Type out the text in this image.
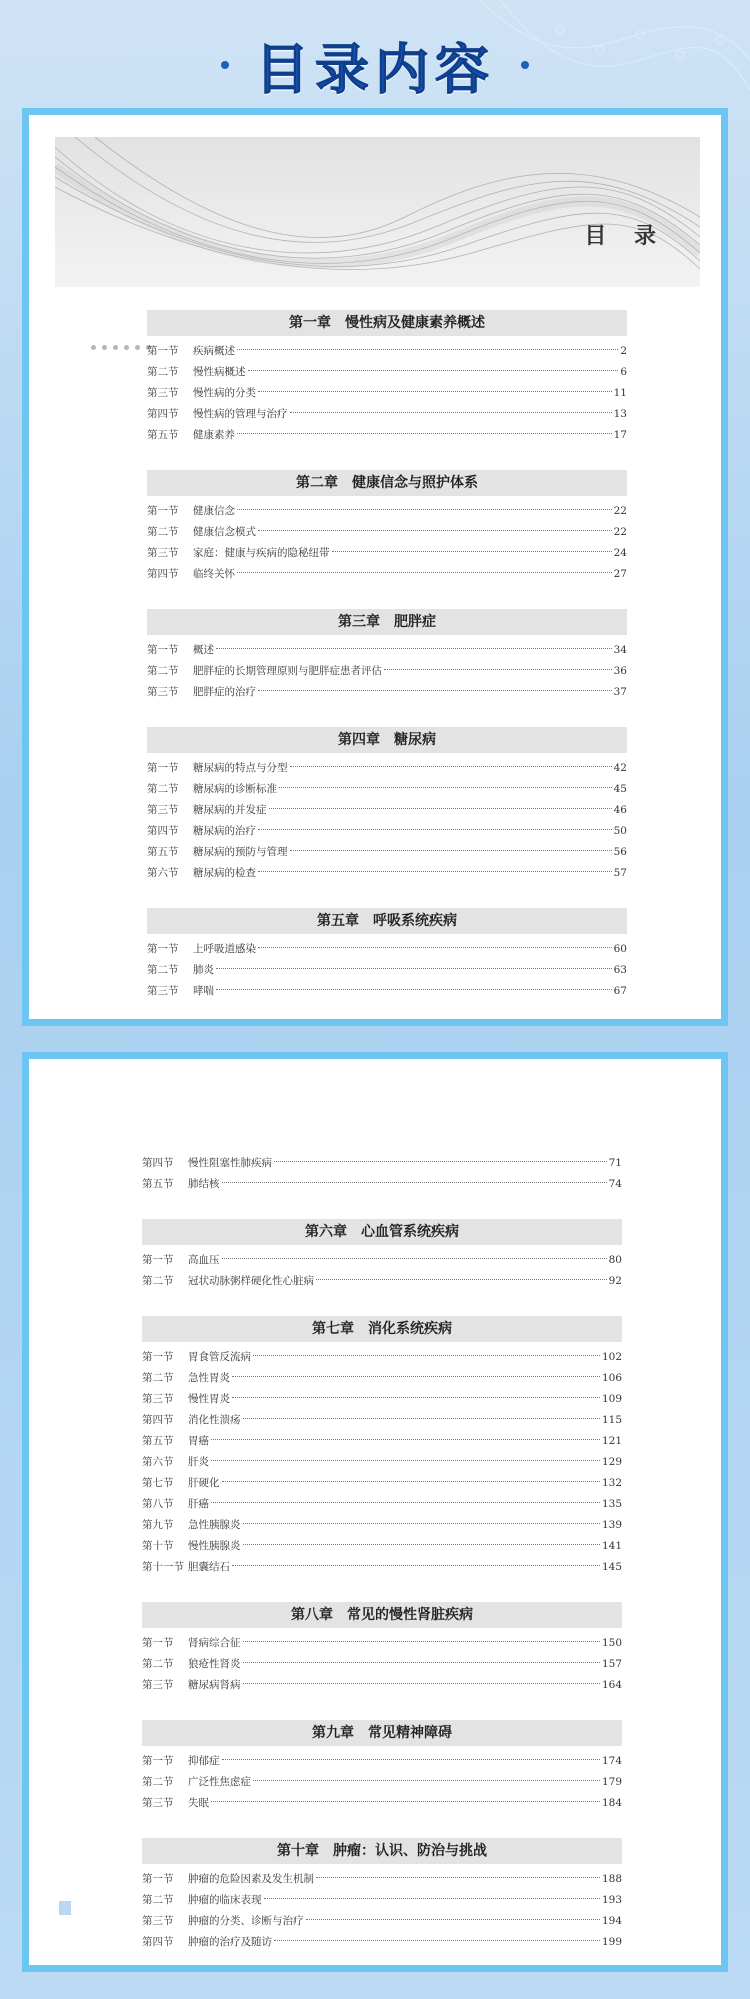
目录内容
目 录
第一章　慢性病及健康素养概述
第一节	疾病概述	2
第二节	慢性病概述	6
第三节	慢性病的分类	11
第四节	慢性病的管理与治疗	13
第五节	健康素养	17
第二章　健康信念与照护体系
第一节	健康信念	22
第二节	健康信念模式	22
第三节	家庭：健康与疾病的隐秘纽带	24
第四节	临终关怀	27
第三章　肥胖症
第一节	概述	34
第二节	肥胖症的长期管理原则与肥胖症患者评估	36
第三节	肥胖症的治疗	37
第四章　糖尿病
第一节	糖尿病的特点与分型	42
第二节	糖尿病的诊断标准	45
第三节	糖尿病的并发症	46
第四节	糖尿病的治疗	50
第五节	糖尿病的预防与管理	56
第六节	糖尿病的检查	57
第五章　呼吸系统疾病
第一节	上呼吸道感染	60
第二节	肺炎	63
第三节	哮喘	67
第四节	慢性阻塞性肺疾病	71
第五节	肺结核	74
第六章　心血管系统疾病
第一节	高血压	80
第二节	冠状动脉粥样硬化性心脏病	92
第七章　消化系统疾病
第一节	胃食管反流病	102
第二节	急性胃炎	106
第三节	慢性胃炎	109
第四节	消化性溃疡	115
第五节	胃癌	121
第六节	肝炎	129
第七节	肝硬化	132
第八节	肝癌	135
第九节	急性胰腺炎	139
第十节	慢性胰腺炎	141
第十一节 胆囊结石	145
第八章　常见的慢性肾脏疾病
第一节	肾病综合征	150
第二节	狼疮性肾炎	157
第三节	糖尿病肾病	164
第九章　常见精神障碍
第一节	抑郁症	174
第二节	广泛性焦虑症	179
第三节	失眠	184
第十章　肿瘤：认识、防治与挑战
第一节	肿瘤的危险因素及发生机制	188
第二节	肿瘤的临床表现	193
第三节	肿瘤的分类、诊断与治疗	194
第四节	肿瘤的治疗及随访	199
